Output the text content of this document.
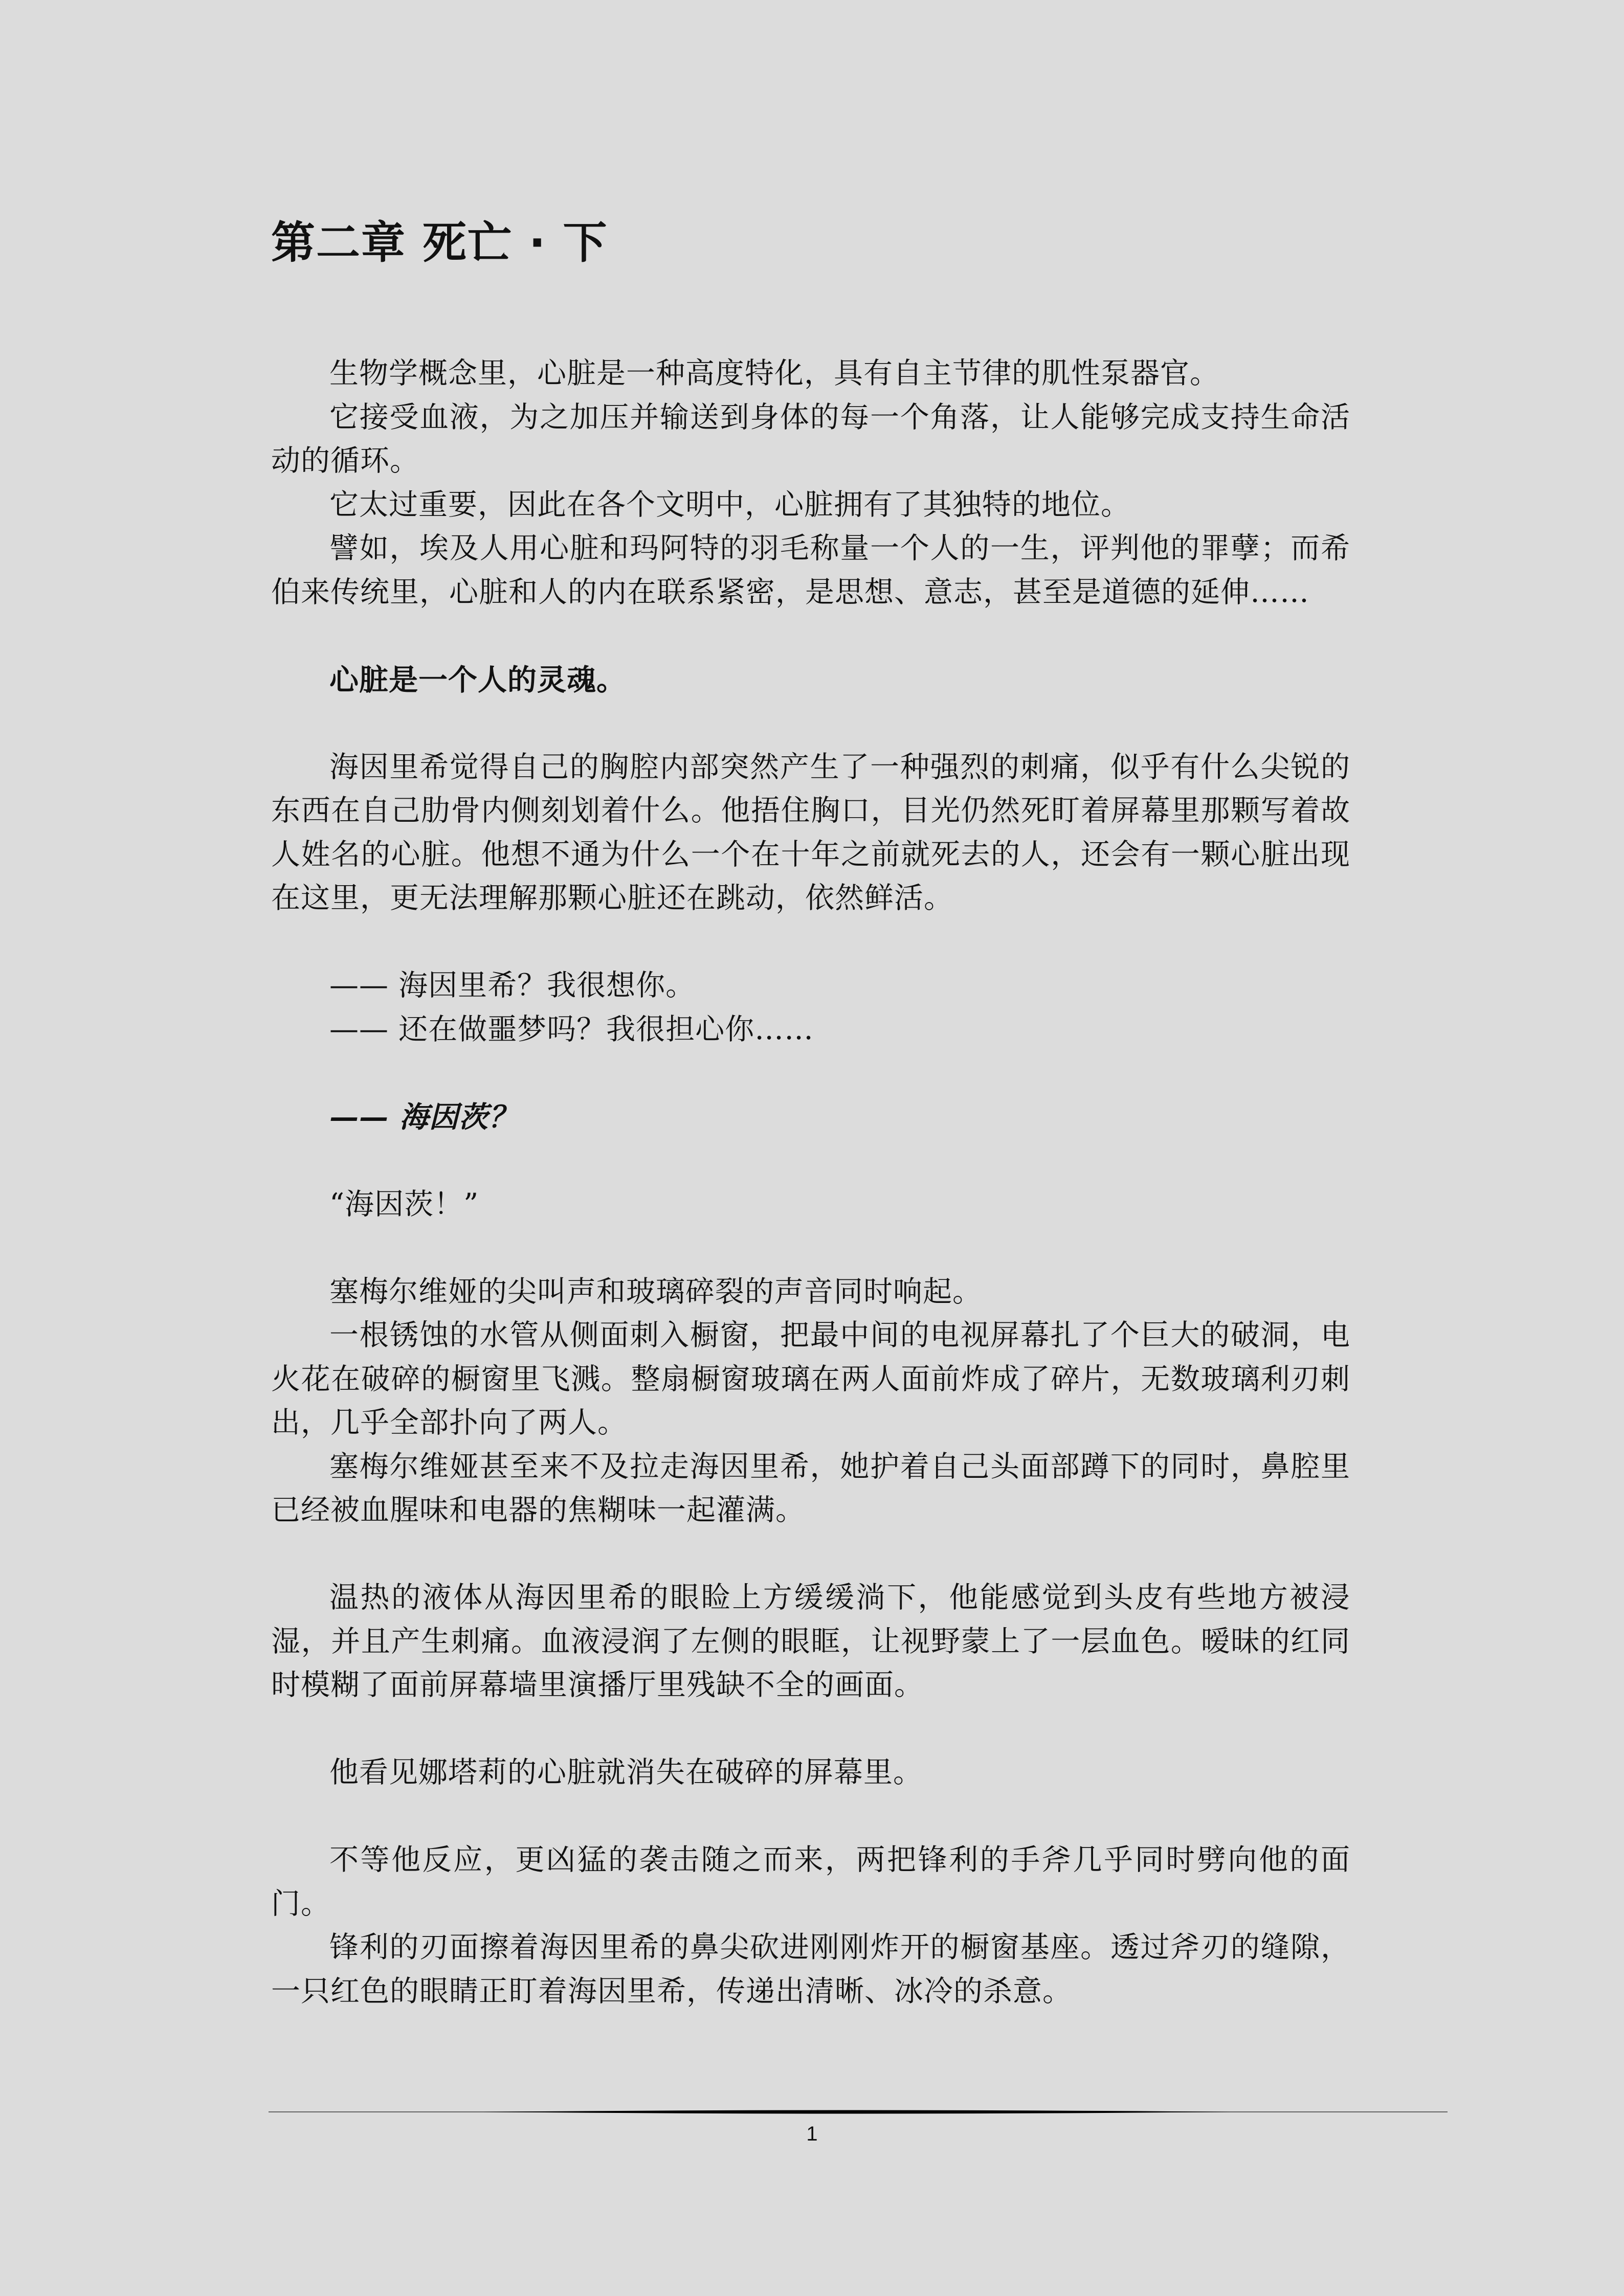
第二章 死亡 · 下

生物学概念里，心脏是一种高度特化，具有自主节律的肌性泵器官。

它接受血液，为之加压并输送到身体的每一个角落，让人能够完成支持生命活动的循环。

它太过重要，因此在各个文明中，心脏拥有了其独特的地位。

譬如，埃及人用心脏和玛阿特的羽毛称量一个人的一生，评判他的罪孽；而希伯来传统里，心脏和人的内在联系紧密，是思想、意志，甚至是道德的延伸……

心脏是一个人的灵魂。

海因里希觉得自己的胸腔内部突然产生了一种强烈的刺痛，似乎有什么尖锐的东西在自己肋骨内侧刻划着什么。他捂住胸口，目光仍然死盯着屏幕里那颗写着故人姓名的心脏。他想不通为什么一个在十年之前就死去的人，还会有一颗心脏出现在这里，更无法理解那颗心脏还在跳动，依然鲜活。

—— 海因里希？我很想你。

—— 还在做噩梦吗？我很担心你……

—— 海因茨？

“海因茨！”

塞梅尔维娅的尖叫声和玻璃碎裂的声音同时响起。

一根锈蚀的水管从侧面刺入橱窗，把最中间的电视屏幕扎了个巨大的破洞，电火花在破碎的橱窗里飞溅。整扇橱窗玻璃在两人面前炸成了碎片，无数玻璃利刃刺出，几乎全部扑向了两人。

塞梅尔维娅甚至来不及拉走海因里希，她护着自己头面部蹲下的同时，鼻腔里已经被血腥味和电器的焦糊味一起灌满。

温热的液体从海因里希的眼睑上方缓缓淌下，他能感觉到头皮有些地方被浸湿，并且产生刺痛。血液浸润了左侧的眼眶，让视野蒙上了一层血色。暧昧的红同时模糊了面前屏幕墙里演播厅里残缺不全的画面。

他看见娜塔莉的心脏就消失在破碎的屏幕里。

不等他反应，更凶猛的袭击随之而来，两把锋利的手斧几乎同时劈向他的面门。

锋利的刃面擦着海因里希的鼻尖砍进刚刚炸开的橱窗基座。透过斧刃的缝隙，一只红色的眼睛正盯着海因里希，传递出清晰、冰冷的杀意。

1
